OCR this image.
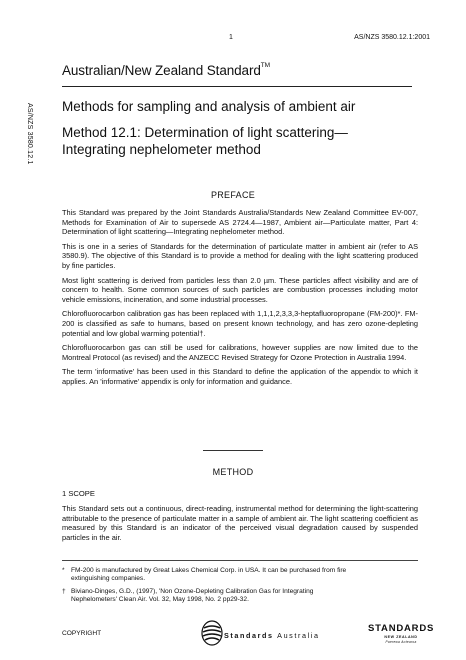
1	AS/NZS 3580.12.1:2001
AS/NZS 3580.12.1
Australian/New Zealand Standard™
Methods for sampling and analysis of ambient air
Method 12.1: Determination of light scattering—
Integrating nephelometer method
PREFACE

This Standard was prepared by the Joint Standards Australia/Standards New Zealand Committee EV-007, Methods for Examination of Air to supersede AS 2724.4—1987, Ambient air—Particulate matter, Part 4: Determination of light scattering—Integrating nephelometer method.

This is one in a series of Standards for the determination of particulate matter in ambient air (refer to AS 3580.9). The objective of this Standard is to provide a method for dealing with the light scattering produced by fine particles.

Most light scattering is derived from particles less than 2.0 µm. These particles affect visibility and are of concern to health. Some common sources of such particles are combustion processes including motor vehicle emissions, incineration, and some industrial processes.

Chlorofluorocarbon calibration gas has been replaced with 1,1,1,2,3,3,3-heptafluoropropane (FM-200)*. FM-200 is classified as safe to humans, based on present known technology, and has zero ozone-depleting potential and low global warming potential†.

Chlorofluorocarbon gas can still be used for calibrations, however supplies are now limited due to the Montreal Protocol (as revised) and the ANZECC Revised Strategy for Ozone Protection in Australia 1994.

The term 'informative' has been used in this Standard to define the application of the appendix to which it applies. An 'informative' appendix is only for information and guidance.

METHOD
1 SCOPE
This Standard sets out a continuous, direct-reading, instrumental method for determining the light-scattering attributable to the presence of particulate matter in a sample of ambient air. The light scattering coefficient as measured by this Standard is an indicator of the perceived visual degradation caused by suspended particles in the air.
* FM-200 is manufactured by Great Lakes Chemical Corp. in USA. It can be purchased from fire
extinguishing companies.
† Biviano-Dinges, G.D., (1997), 'Non Ozone-Depleting Calibration Gas for Integrating
Nephelometers' Clean Air. Vol. 32, May 1998, No. 2 pp29-32.
COPYRIGHT	Standards Australia
STANDARDS
NEW ZEALAND
Paerewa Aotearoa
